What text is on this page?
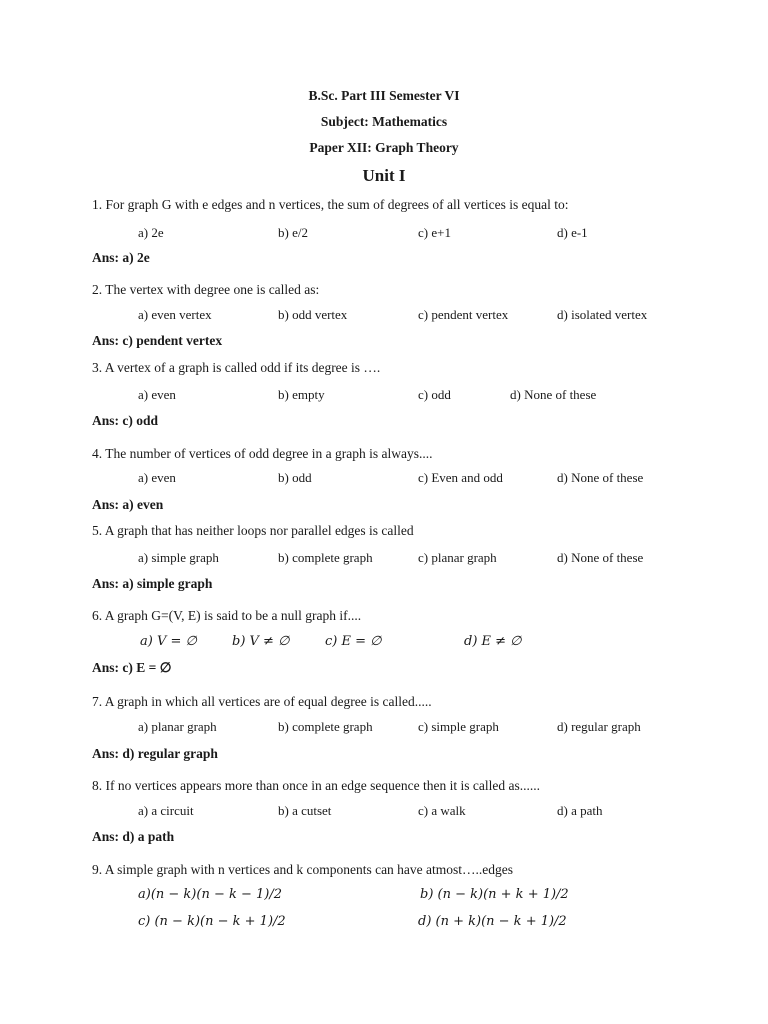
B.Sc. Part III Semester VI
Subject: Mathematics
Paper XII: Graph Theory
Unit I
1. For graph G with e edges and n vertices, the sum of degrees of all vertices is equal to:
a) 2e	b) e/2	c) e+1	d) e-1
Ans: a) 2e
2. The vertex with degree one is called as:
a) even vertex	b) odd vertex	c) pendent vertex	d) isolated vertex
Ans: c) pendent vertex
3. A vertex of a graph is called odd if its degree is ….
a) even	b) empty	c) odd	d) None of these
Ans: c) odd
4. The number of vertices of odd degree in a graph is always....
a) even	b) odd	c) Even and odd	d) None of these
Ans: a) even
5. A graph that has neither loops nor parallel edges is called
a) simple graph	b) complete graph	c) planar graph	d) None of these
Ans: a) simple graph
6. A graph G=(V, E) is said to be a null graph if....
a) V = ∅	b) V ≠ ∅	c) E = ∅	d) E ≠ ∅
Ans: c) E = ∅
7. A graph in which all vertices are of equal degree is called.....
a) planar graph	b) complete graph	c) simple graph	d) regular graph
Ans: d) regular graph
8. If no vertices appears more than once in an edge sequence then it is called as......
a) a circuit	b) a cutset	c) a walk	d) a path
Ans: d) a path
9. A simple graph with n vertices and k components can have atmost…..edges
a)(n − k)(n − k − 1)/2	b) (n − k)(n + k + 1)/2
c) (n − k)(n − k + 1)/2	d) (n + k)(n − k + 1)/2
